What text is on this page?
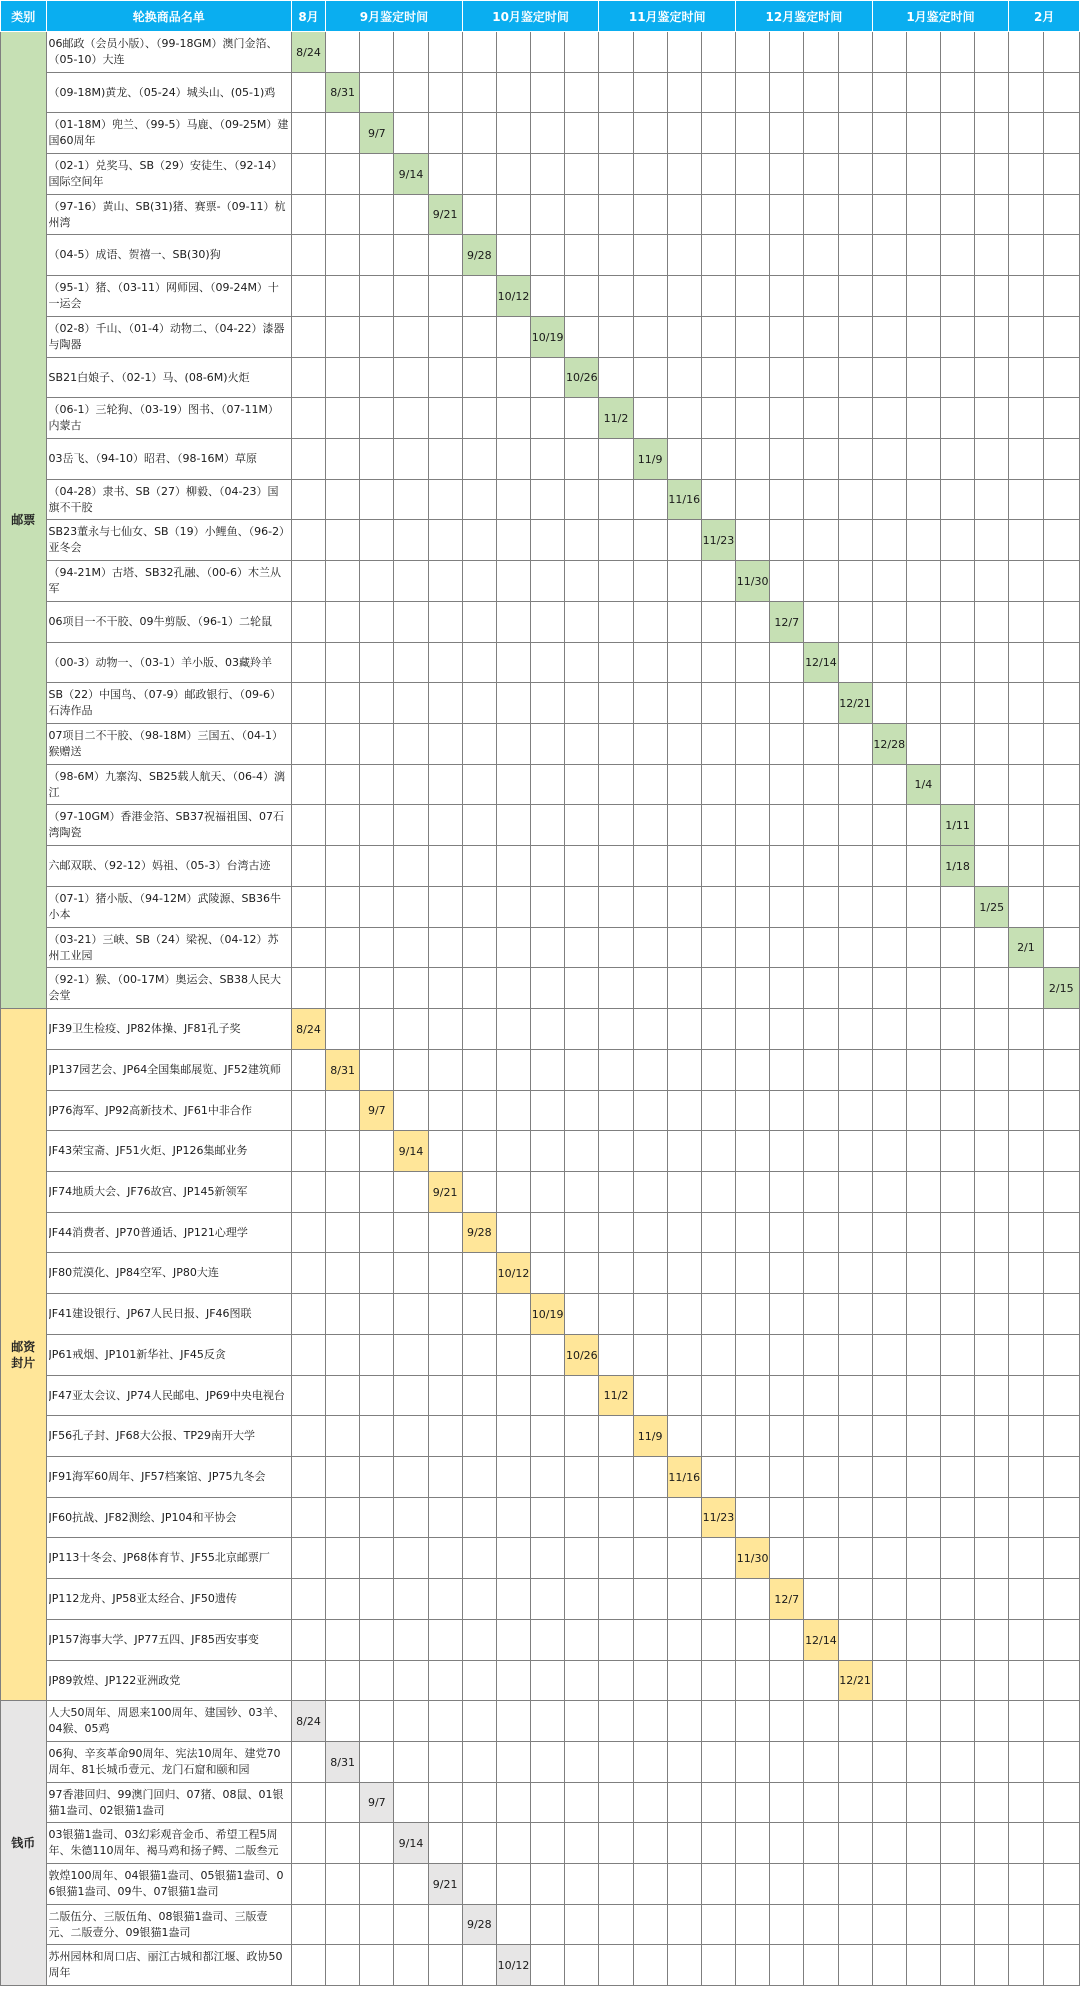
类别	轮换商品名单	8月	9月鉴定时间				10月鉴定时间				11月鉴定时间				12月鉴定时间				1月鉴定时间				2月	
邮票	06邮政（会员小版）、（99-18GM）澳门金箔、（05-10）大连	8/24																						

	（09-18M)黄龙、（05-24）城头山、(05-1)鸡		8/31																					

	（01-18M）兜兰、（99-5）马鹿、（09-25M）建国60周年			9/7																				

	（02-1）兑奖马、SB（29）安徒生、（92-14）国际空间年				9/14																			

	（97-16）黄山、SB(31)猪、赛票-（09-11）杭州湾					9/21																		

	（04-5）成语、贺禧一、SB(30)狗						9/28																	

	（95-1）猪、（03-11）网师园、（09-24M）十一运会							10/12																

	（02-8）千山、（01-4）动物二、（04-22）漆器与陶器								10/19															

	SB21白娘子、（02-1）马、(08-6M)火炬									10/26														

	（06-1）三轮狗、（03-19）图书、（07-11M）内蒙古										11/2													

	03岳飞、（94-10）昭君、（98-16M）草原											11/9												

	（04-28）隶书、SB（27）柳毅、（04-23）国旗不干胶												11/16											

	SB23董永与七仙女、SB（19）小鲤鱼、（96-2）亚冬会													11/23										

	（94-21M）古塔、SB32孔融、（00-6）木兰从军														11/30									

	06项目一不干胶、09牛剪版、（96-1）二轮鼠															12/7								

	（00-3）动物一、（03-1）羊小版、03藏羚羊																12/14							

	SB（22）中国鸟、（07-9）邮政银行、（09-6）石涛作品																	12/21						

	07项目二不干胶、（98-18M）三国五、（04-1）猴赠送																		12/28					

	（98-6M）九寨沟、SB25载人航天、（06-4）漓江																			1/4				

	（97-10GM）香港金箔、SB37祝福祖国、07石湾陶瓷																				1/11			

	六邮双联、（92-12）妈祖、（05-3）台湾古迹																				1/18			

	（07-1）猪小版、（94-12M）武陵源、SB36牛小本																					1/25		

	（03-21）三峡、SB（24）梁祝、（04-12）苏州工业园																						2/1	

	（92-1）猴、（00-17M）奥运会、SB38人民大会堂																							2/15
邮资
封片	JF39卫生检疫、JP82体操、JF81孔子奖	8/24																						

	JP137园艺会、JP64全国集邮展览、JF52建筑师		8/31																					

	JP76海军、JP92高新技术、JF61中非合作			9/7																				

	JF43荣宝斋、JF51火炬、JP126集邮业务				9/14																			

	JF74地质大会、JF76故宫、JP145新领军					9/21																		

	JF44消费者、JP70普通话、JP121心理学						9/28																	

	JF80荒漠化、JP84空军、JP80大连							10/12																

	JF41建设银行、JP67人民日报、JF46图联								10/19															

	JP61戒烟、JP101新华社、JF45反贪									10/26														

	JF47亚太会议、JP74人民邮电、JP69中央电视台										11/2													

	JF56孔子封、JF68大公报、TP29南开大学											11/9												

	JF91海军60周年、JF57档案馆、JP75九冬会												11/16											

	JF60抗战、JF82测绘、JP104和平协会													11/23										

	JP113十冬会、JP68体育节、JF55北京邮票厂														11/30									

	JP112龙舟、JP58亚太经合、JF50遗传															12/7								

	JP157海事大学、JP77五四、JF85西安事变																12/14							

	JP89敦煌、JP122亚洲政党																	12/21						
钱币	人大50周年、周恩来100周年、建国钞、03羊、04猴、05鸡	8/24																						

	06狗、辛亥革命90周年、宪法10周年、建党70周年、81长城币壹元、龙门石窟和颐和园		8/31																					

	97香港回归、99澳门回归、07猪、08鼠、01银猫1盎司、02银猫1盎司			9/7																				

	03银猫1盎司、03幻彩观音金币、希望工程5周年、朱德110周年、褐马鸡和扬子鳄、二版叁元				9/14																			

	敦煌100周年、04银猫1盎司、05银猫1盎司、06银猫1盎司、09牛、07银猫1盎司					9/21																		

	二版伍分、三版伍角、08银猫1盎司、三版壹元、二版壹分、09银猫1盎司						9/28																	

	苏州园林和周口店、丽江古城和都江堰、政协50周年							10/12																
